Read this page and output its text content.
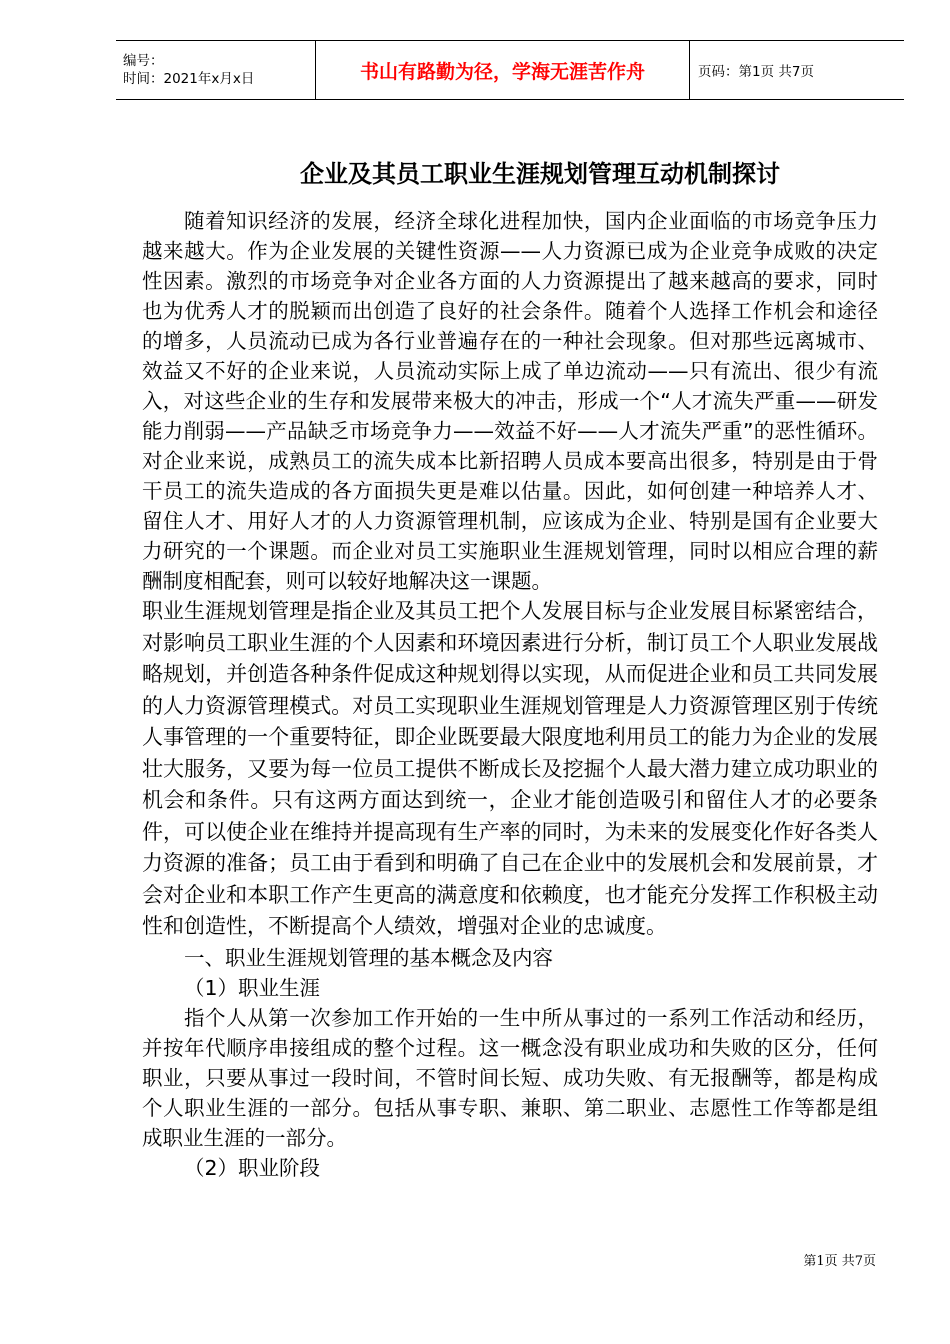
编号：
时间：2021年x月x日	书山有路勤为径，学海无涯苦作舟	页码：第1页 共7页
企业及其员工职业生涯规划管理互动机制探讨

随着知识经济的发展，经济全球化进程加快，国内企业面临的市场竞争压力越来越大。作为企业发展的关键性资源——人力资源已成为企业竞争成败的决定性因素。激烈的市场竞争对企业各方面的人力资源提出了越来越高的要求，同时也为优秀人才的脱颖而出创造了良好的社会条件。随着个人选择工作机会和途径的增多，人员流动已成为各行业普遍存在的一种社会现象。但对那些远离城市、效益又不好的企业来说，人员流动实际上成了单边流动——只有流出、很少有流入，对这些企业的生存和发展带来极大的冲击，形成一个“人才流失严重——研发能力削弱——产品缺乏市场竞争力——效益不好——人才流失严重”的恶性循环。对企业来说，成熟员工的流失成本比新招聘人员成本要高出很多，特别是由于骨干员工的流失造成的各方面损失更是难以估量。因此，如何创建一种培养人才、留住人才、用好人才的人力资源管理机制，应该成为企业、特别是国有企业要大力研究的一个课题。而企业对员工实施职业生涯规划管理，同时以相应合理的薪酬制度相配套，则可以较好地解决这一课题。

职业生涯规划管理是指企业及其员工把个人发展目标与企业发展目标紧密结合，对影响员工职业生涯的个人因素和环境因素进行分析，制订员工个人职业发展战略规划，并创造各种条件促成这种规划得以实现，从而促进企业和员工共同发展的人力资源管理模式。对员工实现职业生涯规划管理是人力资源管理区别于传统人事管理的一个重要特征，即企业既要最大限度地利用员工的能力为企业的发展壮大服务，又要为每一位员工提供不断成长及挖掘个人最大潜力建立成功职业的机会和条件。只有这两方面达到统一，企业才能创造吸引和留住人才的必要条件，可以使企业在维持并提高现有生产率的同时，为未来的发展变化作好各类人力资源的准备；员工由于看到和明确了自己在企业中的发展机会和发展前景，才会对企业和本职工作产生更高的满意度和依赖度，也才能充分发挥工作积极主动性和创造性，不断提高个人绩效，增强对企业的忠诚度。

一、职业生涯规划管理的基本概念及内容

（1）职业生涯

指个人从第一次参加工作开始的一生中所从事过的一系列工作活动和经历，并按年代顺序串接组成的整个过程。这一概念没有职业成功和失败的区分，任何职业，只要从事过一段时间，不管时间长短、成功失败、有无报酬等，都是构成个人职业生涯的一部分。包括从事专职、兼职、第二职业、志愿性工作等都是组成职业生涯的一部分。

（2）职业阶段

第1页 共7页
